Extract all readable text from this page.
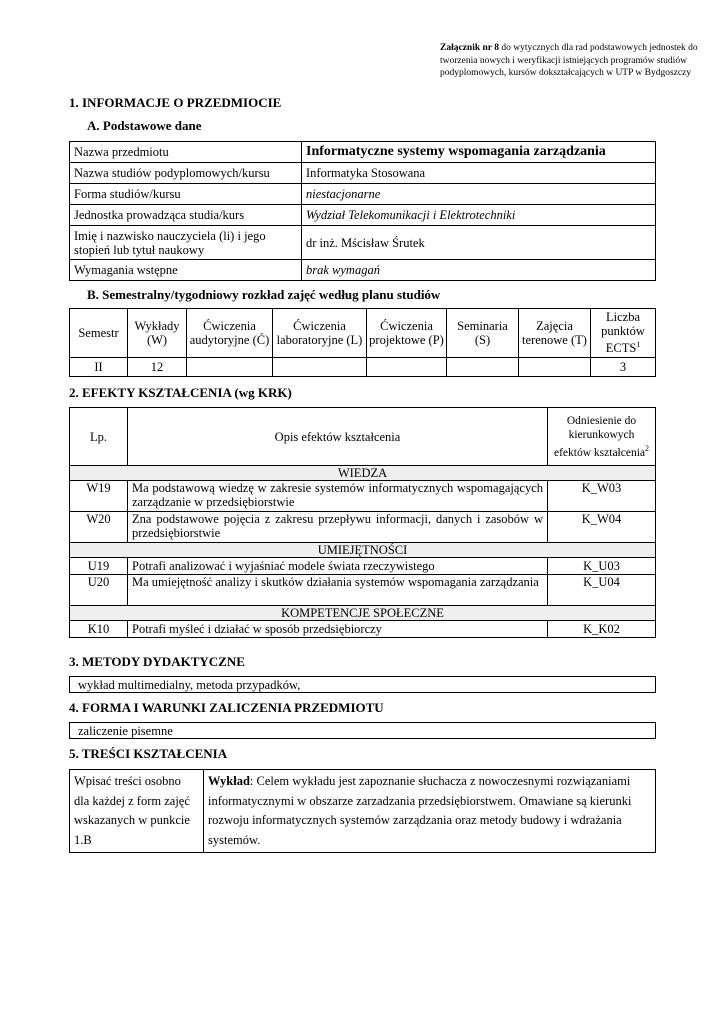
Załącznik nr 8 do wytycznych dla rad podstawowych jednostek do tworzenia nowych i weryfikacji istniejących programów studiów podyplomowych, kursów dokształcających w UTP w Bydgoszczy
1. INFORMACJE O PRZEDMIOCIE
A. Podstawowe dane
Nazwa przedmiotu	Informatyczne systemy wspomagania zarządzania
Nazwa studiów podyplomowych/kursu	Informatyka Stosowana
Forma studiów/kursu	niestacjonarne
Jednostka prowadząca studia/kurs	Wydział Telekomunikacji i Elektrotechniki
Imię i nazwisko nauczyciela (li) i jego stopień lub tytuł naukowy	dr inż. Mścisław Śrutek
Wymagania wstępne	brak wymagań
B. Semestralny/tygodniowy rozkład zajęć według planu studiów
Semestr	Wykłady (W)	Ćwiczenia audytoryjne (Ć)	Ćwiczenia laboratoryjne (L)	Ćwiczenia projektowe (P)	Seminaria (S)	Zajęcia terenowe (T)	Liczba punktów ECTS$^1$
II	12						3
2. EFEKTY KSZTAŁCENIA (wg KRK)
Lp.	Opis efektów kształcenia	Odniesienie do kierunkowych efektów kształcenia$^2$
WIEDZA		
W19	Ma podstawową wiedzę w zakresie systemów informatycznych wspomagających zarządzanie w przedsiębiorstwie	K_W03
W20	Zna podstawowe pojęcia z zakresu przepływu informacji, danych i zasobów w przedsiębiorstwie	K_W04
UMIEJĘTNOŚCI		
U19	Potrafi analizować i wyjaśniać modele świata rzeczywistego	K_U03
U20	Ma umiejętność analizy i skutków działania systemów wspomagania zarządzania	K_U04
KOMPETENCJE SPOŁECZNE		
K10	Potrafi myśleć i działać w sposób przedsiębiorczy	K_K02
3. METODY DYDAKTYCZNE
wykład multimedialny, metoda przypadków,
4. FORMA I WARUNKI ZALICZENIA PRZEDMIOTU
zaliczenie pisemne
5. TREŚCI KSZTAŁCENIA
Wpisać treści osobno dla każdej z form zajęć wskazanych w punkcie 1.B	Wykład: Celem wykładu jest zapoznanie słuchacza z nowoczesnymi rozwiązaniami informatycznymi w obszarze zarzadzania przedsiębiorstwem. Omawiane są kierunki rozwoju informatycznych systemów zarządzania oraz metody budowy i wdrażania systemów.
